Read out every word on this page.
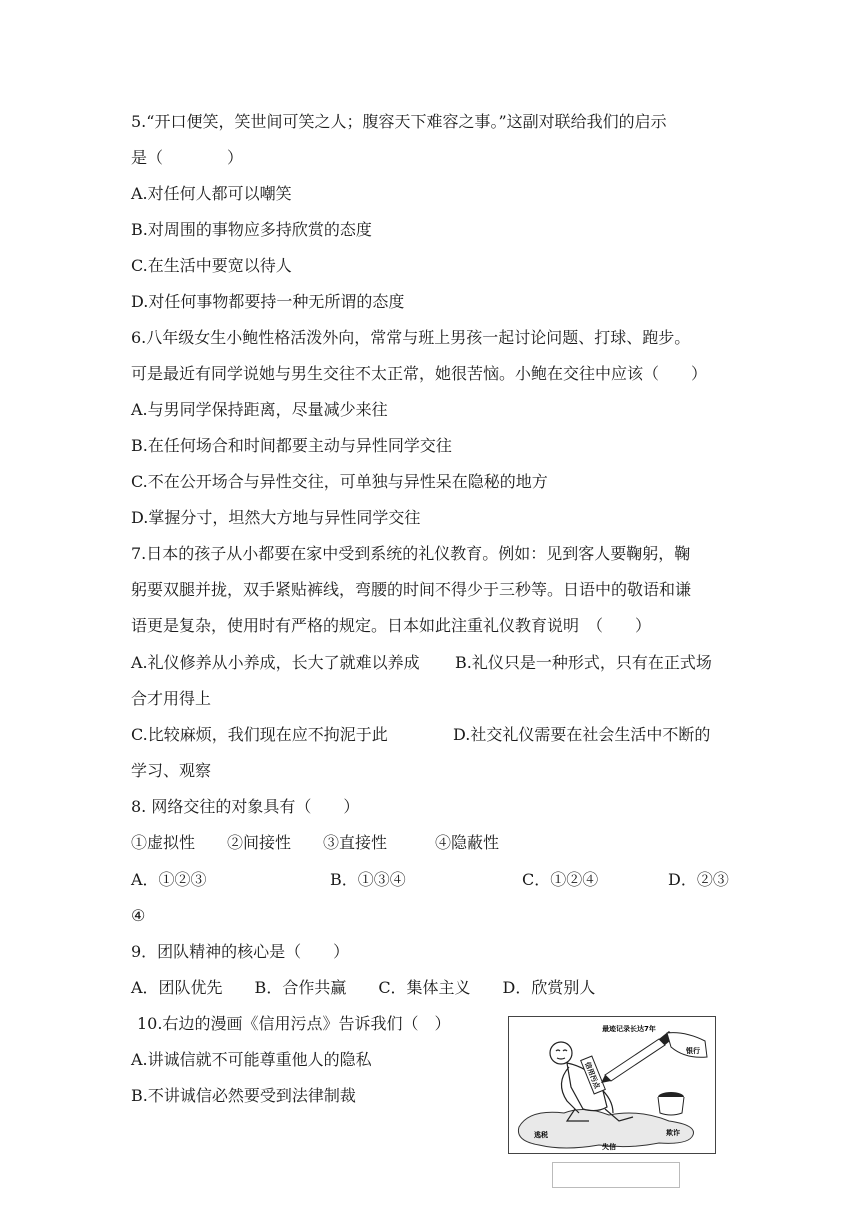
5.“开口便笑，笑世间可笑之人；腹容天下难容之事。”这副对联给我们的启示
是（　　　　）
A.对任何人都可以嘲笑
B.对周围的事物应多持欣赏的态度
C.在生活中要宽以待人
D.对任何事物都要持一种无所谓的态度
6.八年级女生小鲍性格活泼外向，常常与班上男孩一起讨论问题、打球、跑步。
可是最近有同学说她与男生交往不太正常，她很苦恼。小鲍在交往中应该（　　）
A.与男同学保持距离，尽量减少来往
B.在任何场合和时间都要主动与异性同学交往
C.不在公开场合与异性交往，可单独与异性呆在隐秘的地方
D.掌握分寸，坦然大方地与异性同学交往
7.日本的孩子从小都要在家中受到系统的礼仪教育。例如：见到客人要鞠躬，鞠
躬要双腿并拢，双手紧贴裤线，弯腰的时间不得少于三秒等。日语中的敬语和谦
语更是复杂，使用时有严格的规定。日本如此注重礼仪教育说明　（　　）
A.礼仪修养从小养成，长大了就难以养成 B.礼仪只是一种形式，只有在正式场
合才用得上
C.比较麻烦，我们现在应不拘泥于此	D.社交礼仪需要在社会生活中不断的
学习、观察
8. 网络交往的对象具有（　　）
①虚拟性　　②间接性　　③直接性　　　④隐蔽性
A．①②③	B．①③④	C．①②④	D．②③
④
9．团队精神的核心是（　　）
A．团队优先　　B．合作共赢　　C．集体主义　　D．欣赏别人
10.右边的漫画《信用污点》告诉我们（　）
A.讲诚信就不可能尊重他人的隐私
B.不讲诚信必然要受到法律制裁
最迹记录长达7年
信用污点
银行
逃税
失信
欺诈
